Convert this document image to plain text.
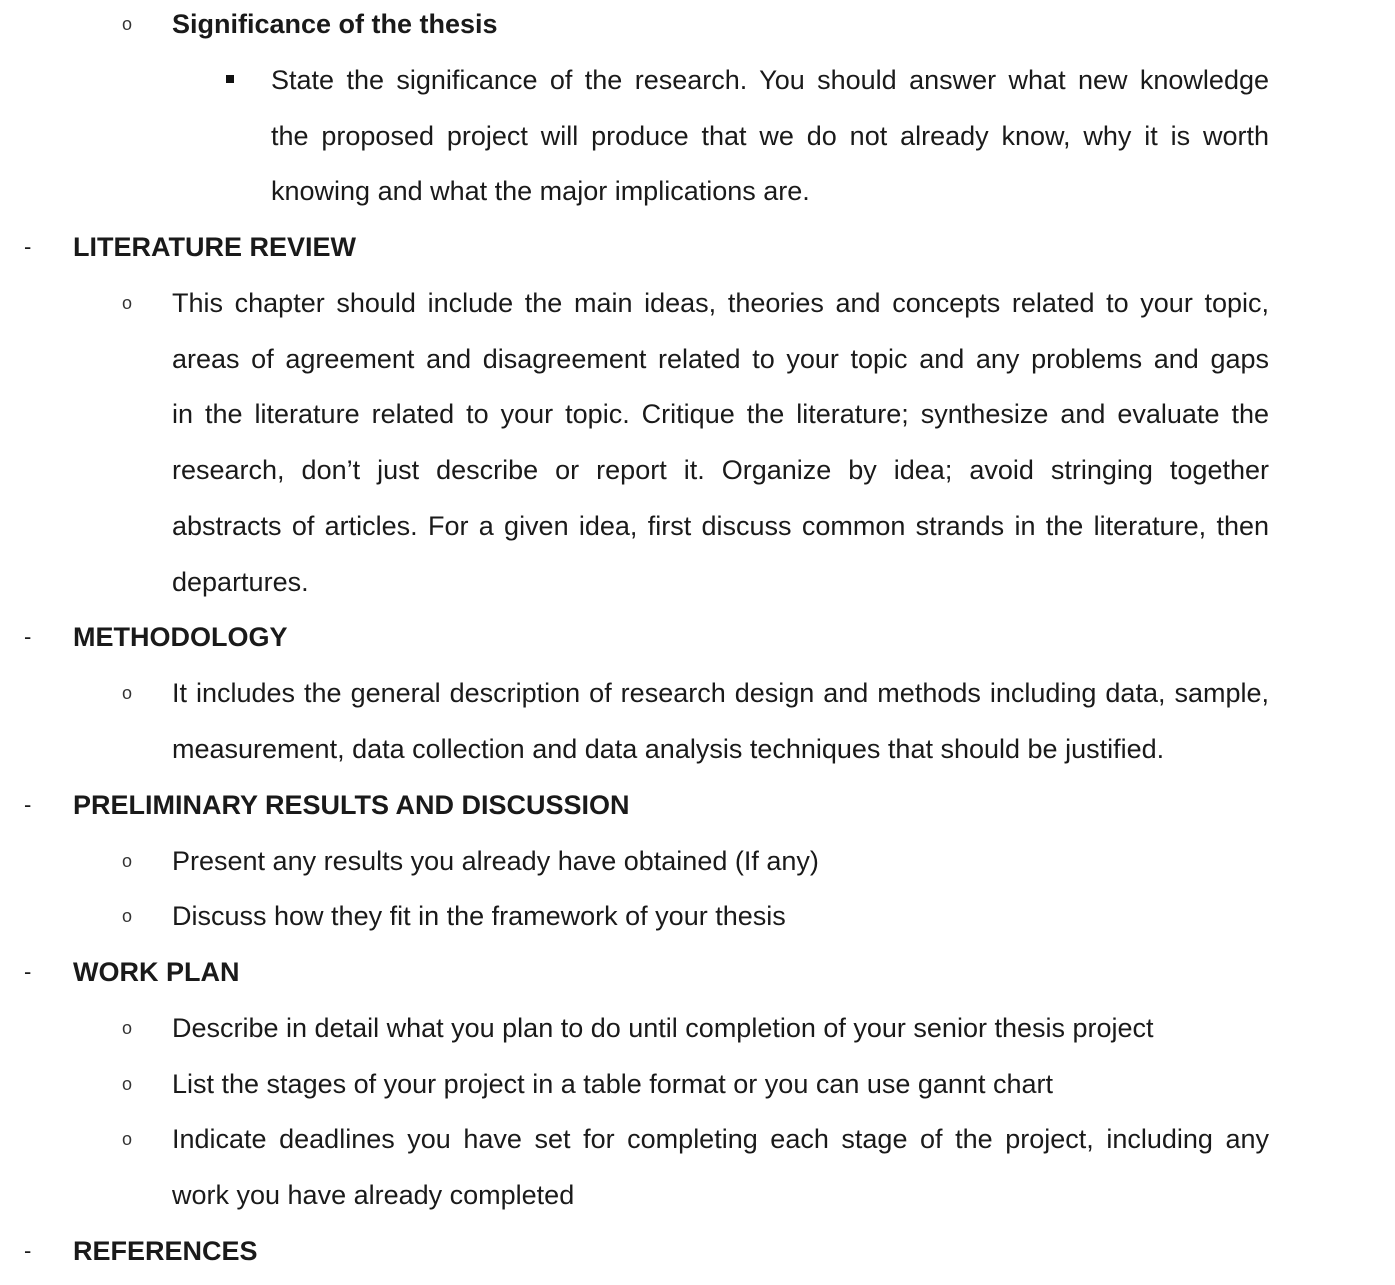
o Significance of the thesis
State the significance of the research. You should answer what new knowledge
the proposed project will produce that we do not already know, why it is worth
knowing and what the major implications are.
- LITERATURE REVIEW
o This chapter should include the main ideas, theories and concepts related to your topic,
areas of agreement and disagreement related to your topic and any problems and gaps
in the literature related to your topic. Critique the literature; synthesize and evaluate the
research, don’t just describe or report it. Organize by idea; avoid stringing together
abstracts of articles. For a given idea, first discuss common strands in the literature, then
departures.
- METHODOLOGY
o It includes the general description of research design and methods including data, sample,
measurement, data collection and data analysis techniques that should be justified.
- PRELIMINARY RESULTS AND DISCUSSION
o Present any results you already have obtained (If any)
o Discuss how they fit in the framework of your thesis
- WORK PLAN
o Describe in detail what you plan to do until completion of your senior thesis project
o List the stages of your project in a table format or you can use gannt chart
o Indicate deadlines you have set for completing each stage of the project, including any
work you have already completed
- REFERENCES
